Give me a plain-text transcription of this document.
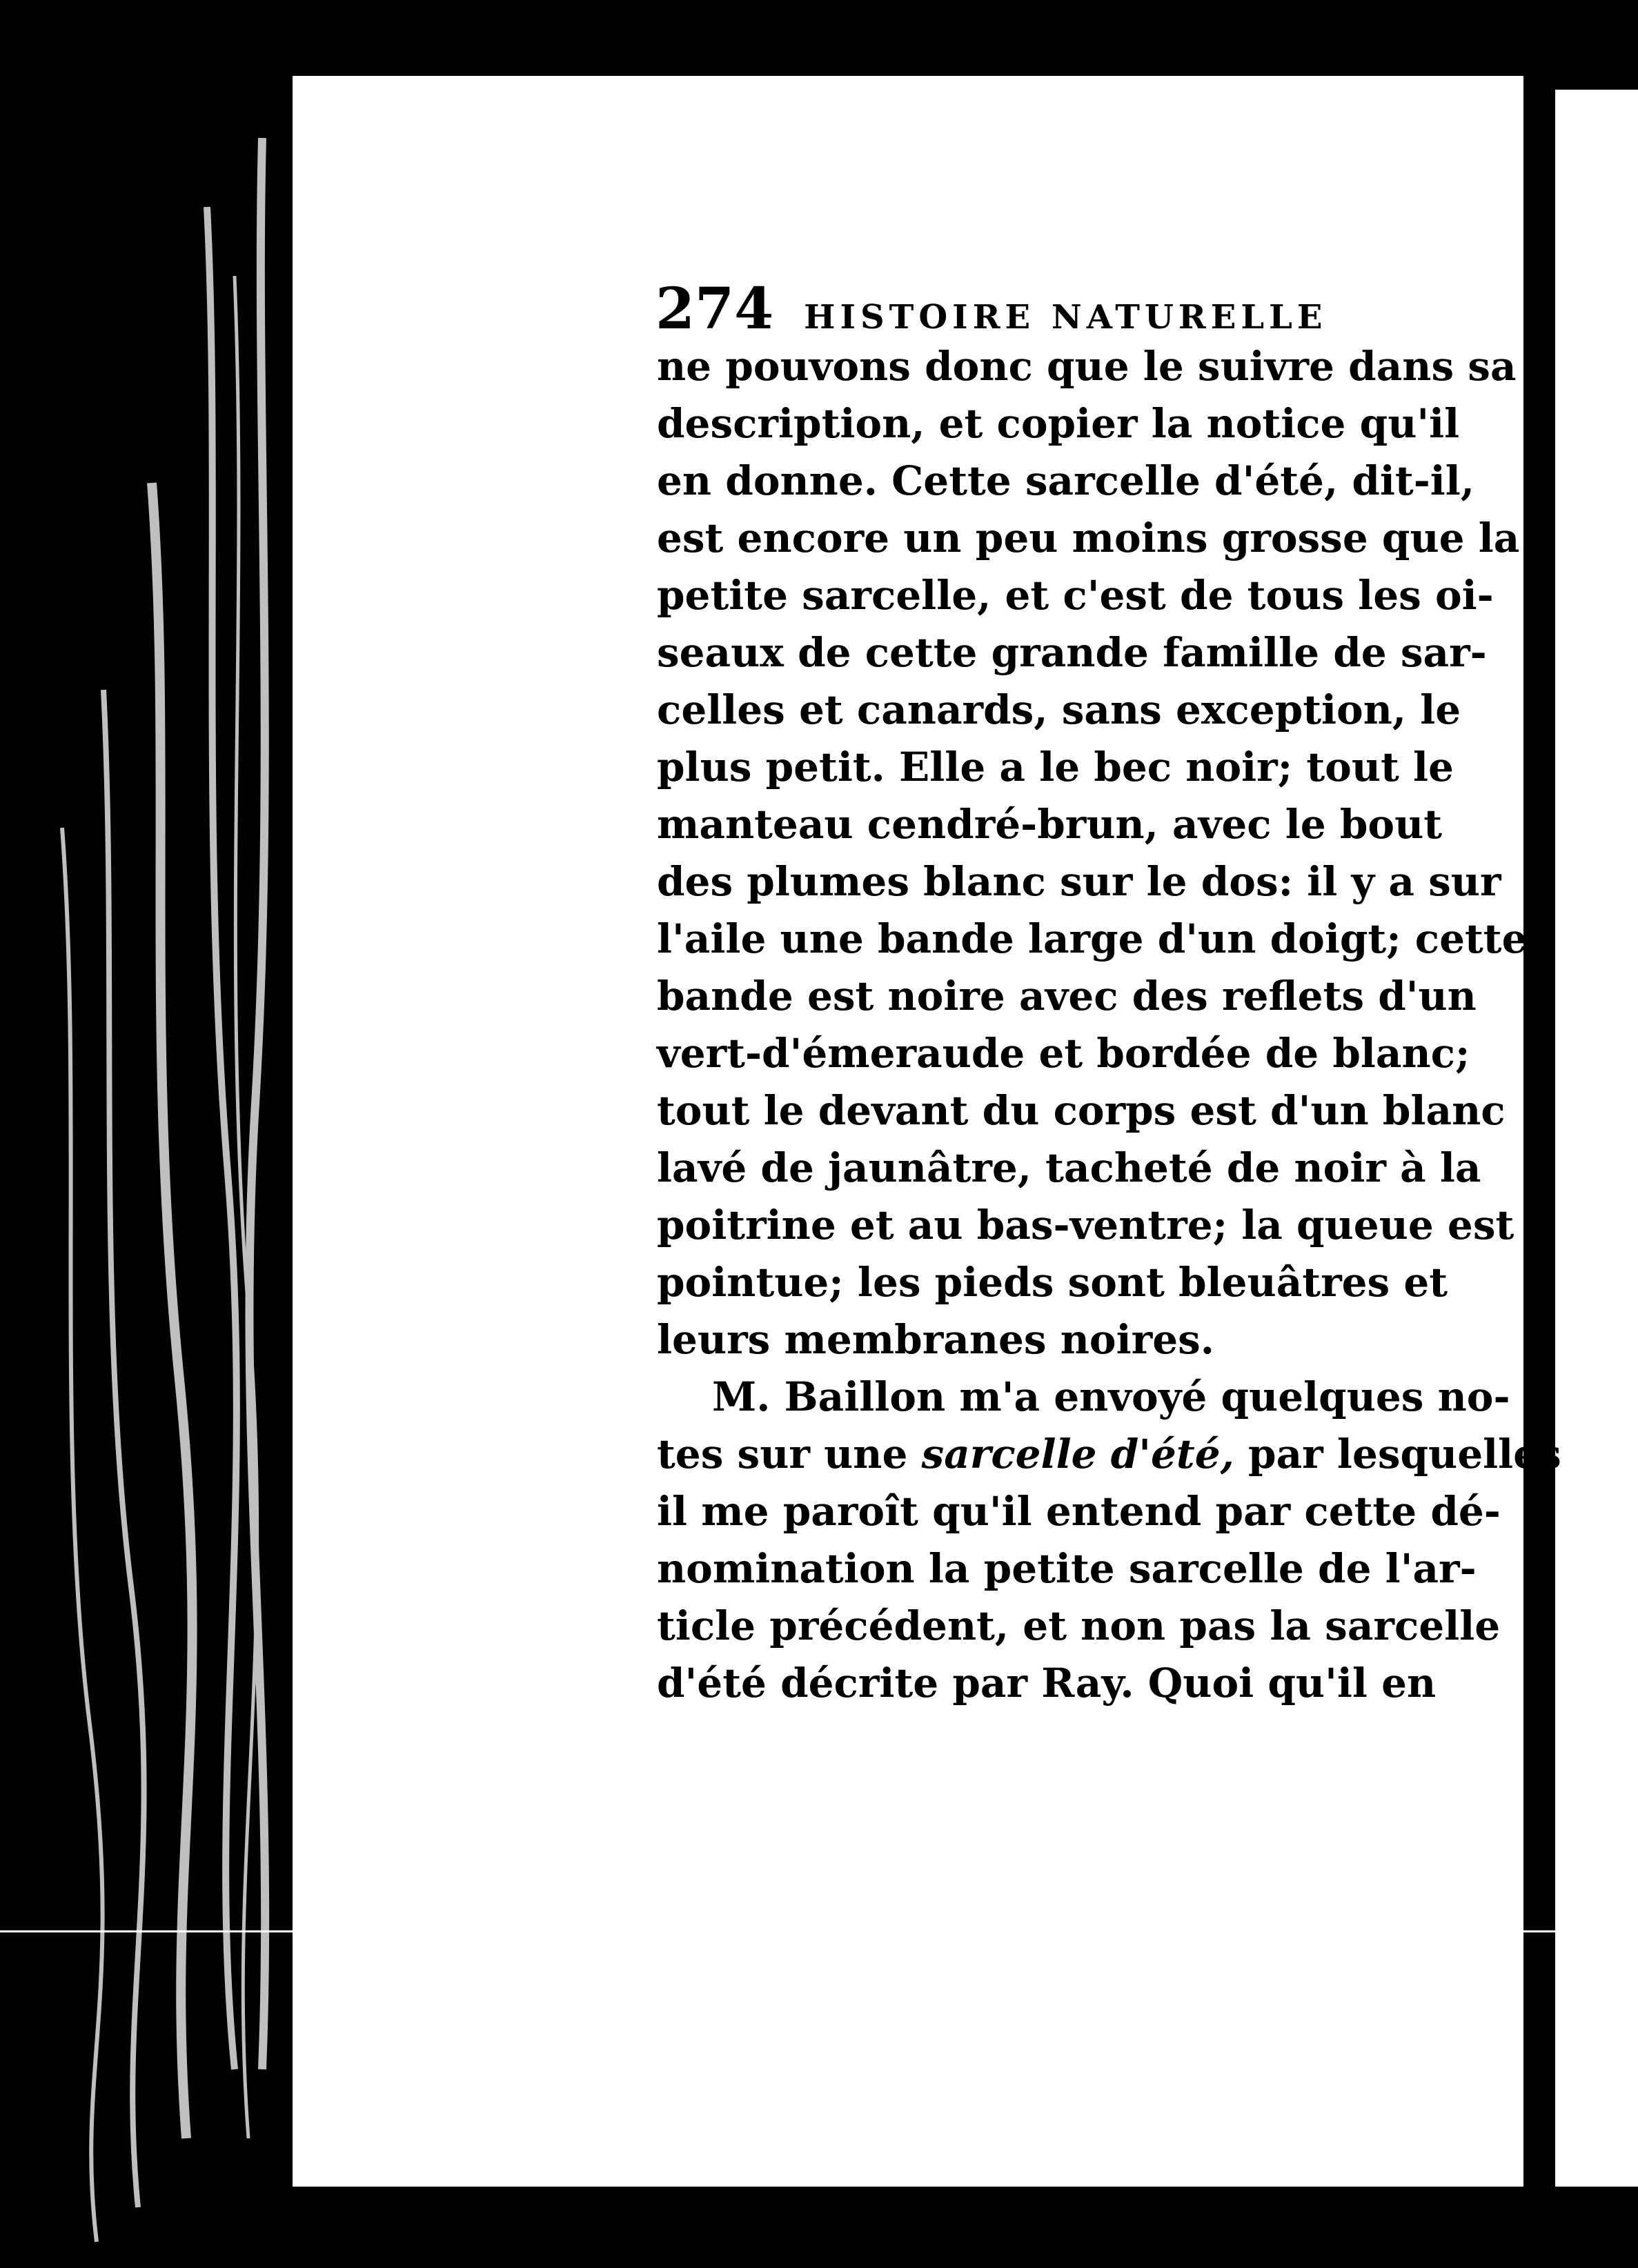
274 HISTOIRE NATURELLE
ne pouvons donc que le suivre dans sa
description, et copier la notice qu'il
en donne. Cette sarcelle d'été, dit-il,
est encore un peu moins grosse que la
petite sarcelle, et c'est de tous les oi-
seaux de cette grande famille de sar-
celles et canards, sans exception, le
plus petit. Elle a le bec noir; tout le
manteau cendré-brun, avec le bout
des plumes blanc sur le dos: il y a sur
l'aile une bande large d'un doigt; cette
bande est noire avec des reflets d'un
vert-d'émeraude et bordée de blanc;
tout le devant du corps est d'un blanc
lavé de jaunâtre, tacheté de noir à la
poitrine et au bas-ventre; la queue est
pointue; les pieds sont bleuâtres et
leurs membranes noires.
M. Baillon m'a envoyé quelques no-
tes sur une sarcelle d'été, par lesquelles
il me paroît qu'il entend par cette dé-
nomination la petite sarcelle de l'ar-
ticle précédent, et non pas la sarcelle
d'été décrite par Ray. Quoi qu'il en
